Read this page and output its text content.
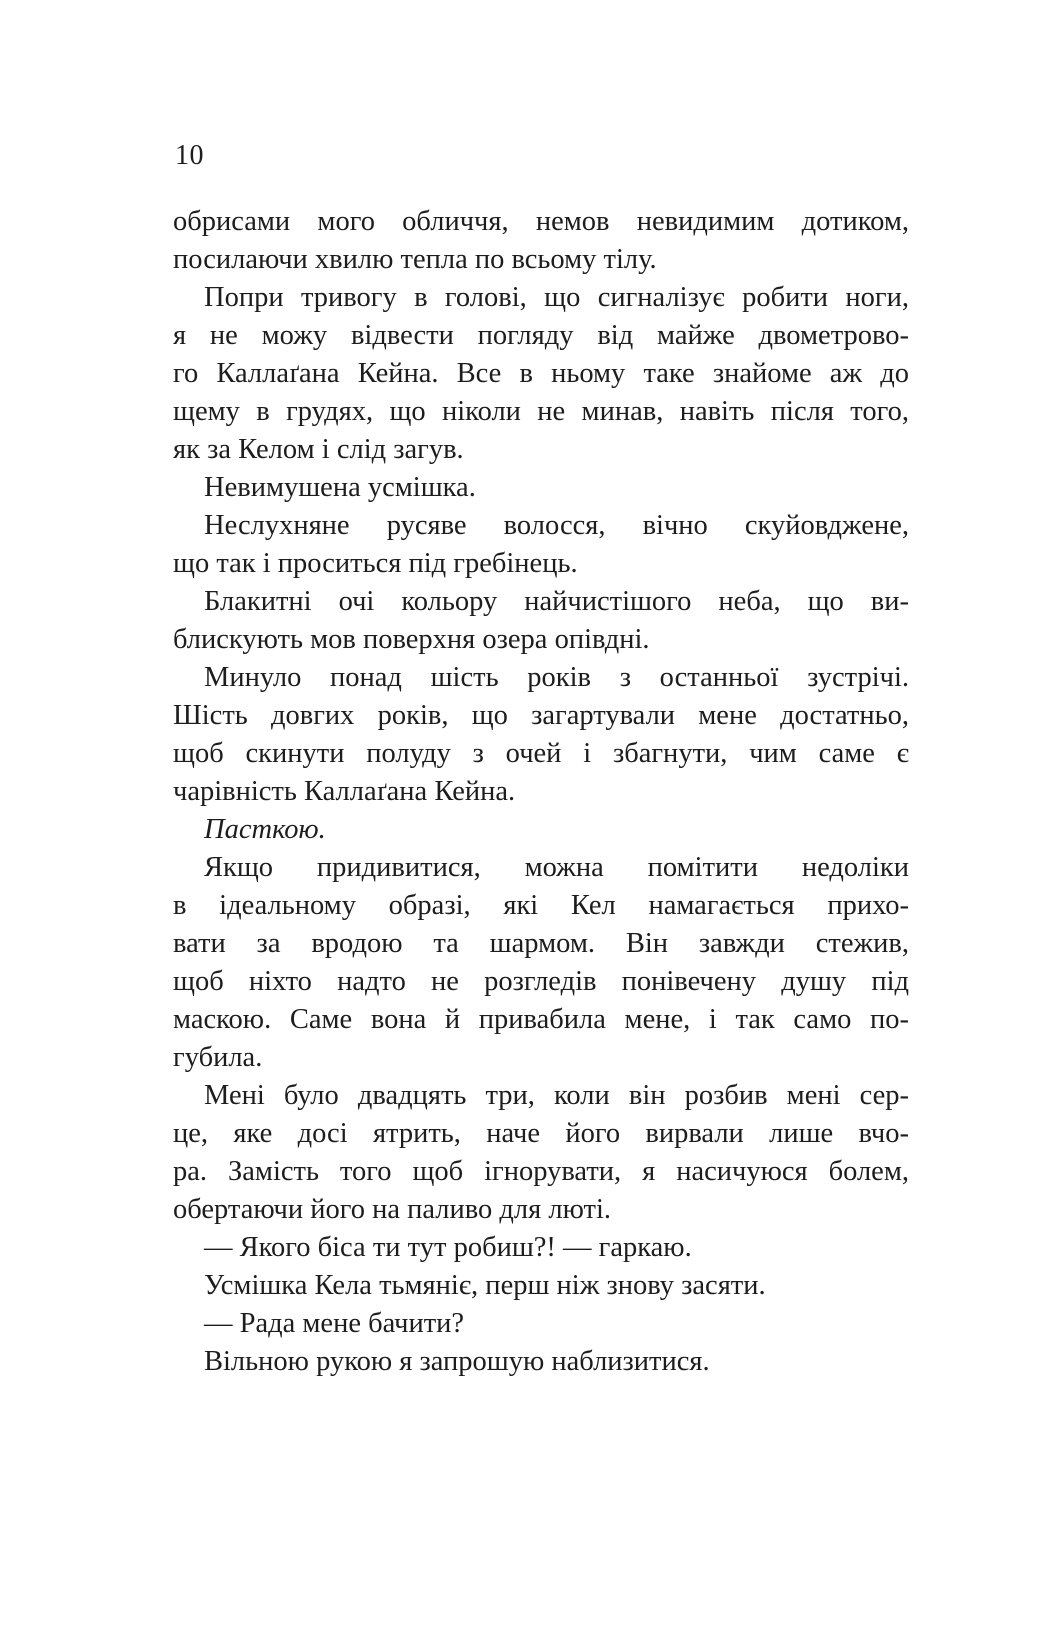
10
обрисами мого обличчя, немов невидимим дотиком,
посилаючи хвилю тепла по всьому тілу.
Попри тривогу в голові, що сигналізує робити ноги,
я не можу відвести погляду від майже двометрово-
го Каллаґана Кейна. Все в ньому таке знайоме аж до
щему в грудях, що ніколи не минав, навіть після того,
як за Келом і слід загув.
Невимушена усмішка.
Неслухняне русяве волосся, вічно скуйовджене,
що так і проситься під гребінець.
Блакитні очі кольору найчистішого неба, що ви-
блискують мов поверхня озера опівдні.
Минуло понад шість років з останньої зустрічі.
Шість довгих років, що загартували мене достатньо,
щоб скинути полуду з очей і збагнути, чим саме є
чарівність Каллаґана Кейна.
Пасткою.
Якщо придивитися, можна помітити недоліки
в ідеальному образі, які Кел намагається прихо-
вати за вродою та шармом. Він завжди стежив,
щоб ніхто надто не розгледів понівечену душу під
маскою. Саме вона й привабила мене, і так само по-
губила.
Мені було двадцять три, коли він розбив мені сер-
це, яке досі ятрить, наче його вирвали лише вчо-
ра. Замість того щоб ігнорувати, я насичуюся болем,
обертаючи його на паливо для люті.
— Якого біса ти тут робиш?! — гаркаю.
Усмішка Кела тьмяніє, перш ніж знову засяти.
— Рада мене бачити?
Вільною рукою я запрошую наблизитися.
